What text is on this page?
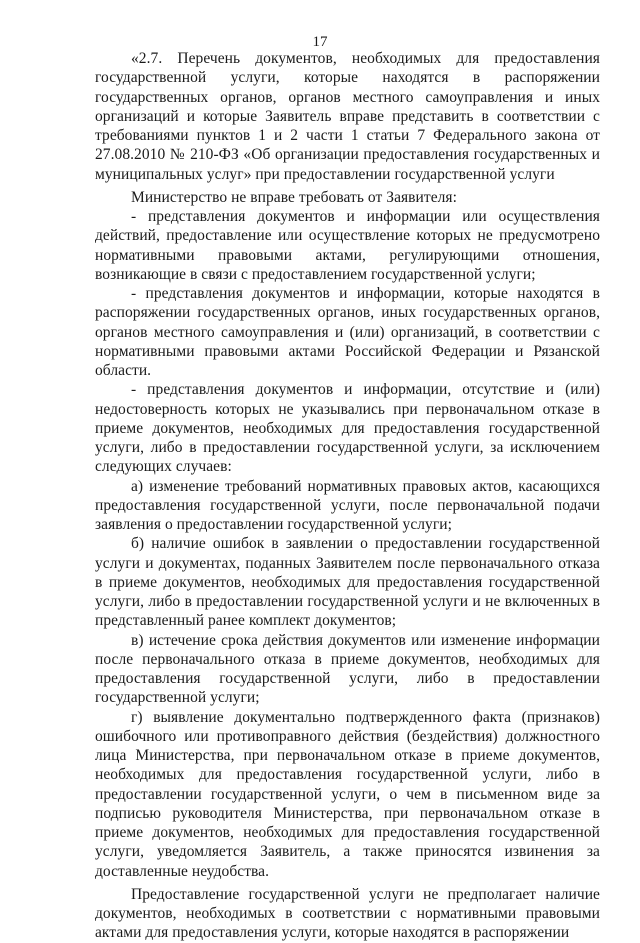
17

«2.7. Перечень документов, необходимых для предоставления государственной услуги, которые находятся в распоряжении государственных органов, органов местного самоуправления и иных организаций и которые Заявитель вправе представить в соответствии с требованиями пунктов 1 и 2 части 1 статьи 7 Федерального закона от 27.08.2010 № 210-ФЗ «Об организации предоставления государственных и муниципальных услуг» при предоставлении государственной услуги

Министерство не вправе требовать от Заявителя:

- представления документов и информации или осуществления действий, предоставление или осуществление которых не предусмотрено нормативными правовыми актами, регулирующими отношения, возникающие в связи с предоставлением государственной услуги;

- представления документов и информации, которые находятся в распоряжении государственных органов, иных государственных органов, органов местного самоуправления и (или) организаций, в соответствии с нормативными правовыми актами Российской Федерации и Рязанской области.

- представления документов и информации, отсутствие и (или) недостоверность которых не указывались при первоначальном отказе в приеме документов, необходимых для предоставления государственной услуги, либо в предоставлении государственной услуги, за исключением следующих случаев:

а) изменение требований нормативных правовых актов, касающихся предоставления государственной услуги, после первоначальной подачи заявления о предоставлении государственной услуги;

б) наличие ошибок в заявлении о предоставлении государственной услуги и документах, поданных Заявителем после первоначального отказа в приеме документов, необходимых для предоставления государственной услуги, либо в предоставлении государственной услуги и не включенных в представленный ранее комплект документов;

в) истечение срока действия документов или изменение информации после первоначального отказа в приеме документов, необходимых для предоставления государственной услуги, либо в предоставлении государственной услуги;

г) выявление документально подтвержденного факта (признаков) ошибочного или противоправного действия (бездействия) должностного лица Министерства, при первоначальном отказе в приеме документов, необходимых для предоставления государственной услуги, либо в предоставлении государственной услуги, о чем в письменном виде за подписью руководителя Министерства, при первоначальном отказе в приеме документов, необходимых для предоставления государственной услуги, уведомляется Заявитель, а также приносятся извинения за доставленные неудобства.

Предоставление государственной услуги не предполагает наличие документов, необходимых в соответствии с нормативными правовыми актами для предоставления услуги, которые находятся в распоряжении
